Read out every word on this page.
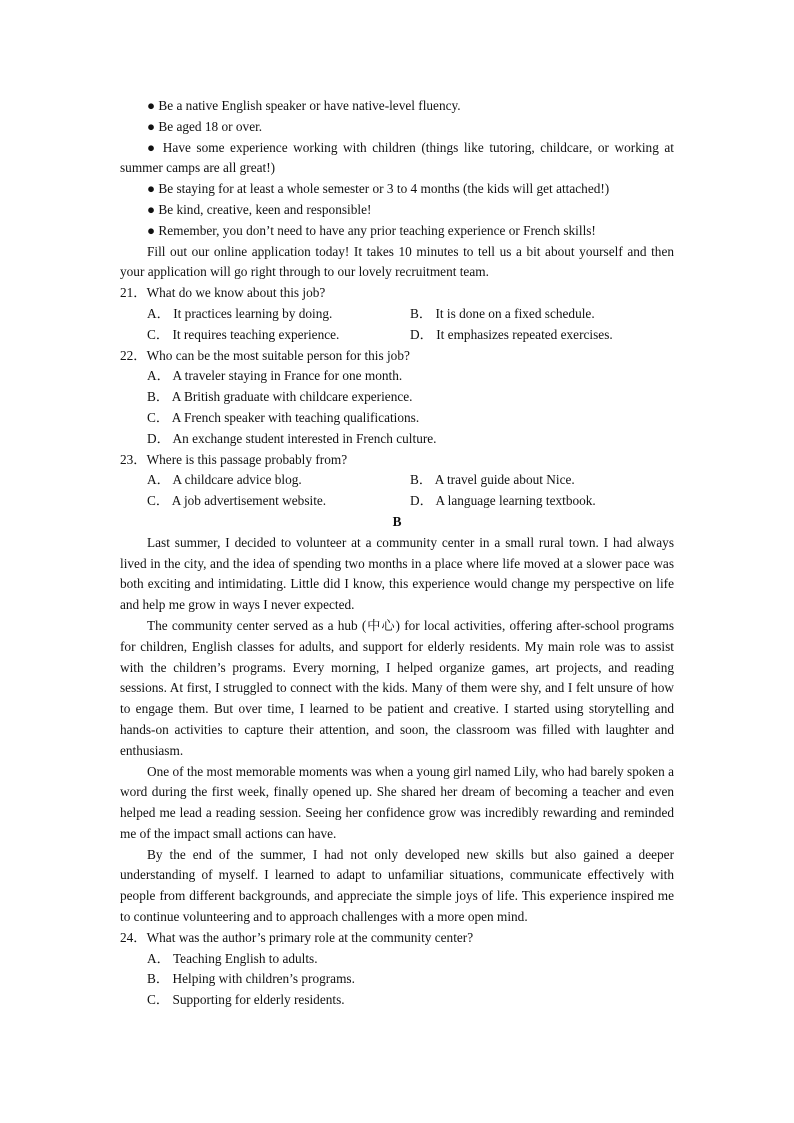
● Be a native English speaker or have native-level fluency.
● Be aged 18 or over.
● Have some experience working with children (things like tutoring, childcare, or working at summer camps are all great!)
● Be staying for at least a whole semester or 3 to 4 months (the kids will get attached!)
● Be kind, creative, keen and responsible!
● Remember, you don’t need to have any prior teaching experience or French skills!
Fill out our online application today! It takes 10 minutes to tell us a bit about yourself and then your application will go right through to our lovely recruitment team.
21．What do we know about this job?
A． It practices learning by doing.	B． It is done on a fixed schedule.
C． It requires teaching experience.	D． It emphasizes repeated exercises.
22．Who can be the most suitable person for this job?
A． A traveler staying in France for one month.
B． A British graduate with childcare experience.
C． A French speaker with teaching qualifications.
D． An exchange student interested in French culture.
23．Where is this passage probably from?
A． A childcare advice blog.	B． A travel guide about Nice.
C． A job advertisement website.	D． A language learning textbook.
B
Last summer, I decided to volunteer at a community center in a small rural town. I had always lived in the city, and the idea of spending two months in a place where life moved at a slower pace was both exciting and intimidating. Little did I know, this experience would change my perspective on life and help me grow in ways I never expected.
The community center served as a hub (中心) for local activities, offering after-school programs for children, English classes for adults, and support for elderly residents. My main role was to assist with the children’s programs. Every morning, I helped organize games, art projects, and reading sessions. At first, I struggled to connect with the kids. Many of them were shy, and I felt unsure of how to engage them. But over time, I learned to be patient and creative. I started using storytelling and hands-on activities to capture their attention, and soon, the classroom was filled with laughter and enthusiasm.
One of the most memorable moments was when a young girl named Lily, who had barely spoken a word during the first week, finally opened up. She shared her dream of becoming a teacher and even helped me lead a reading session. Seeing her confidence grow was incredibly rewarding and reminded me of the impact small actions can have.
By the end of the summer, I had not only developed new skills but also gained a deeper understanding of myself. I learned to adapt to unfamiliar situations, communicate effectively with people from different backgrounds, and appreciate the simple joys of life. This experience inspired me to continue volunteering and to approach challenges with a more open mind.
24．What was the author’s primary role at the community center?
A． Teaching English to adults.
B． Helping with children’s programs.
C． Supporting for elderly residents.
